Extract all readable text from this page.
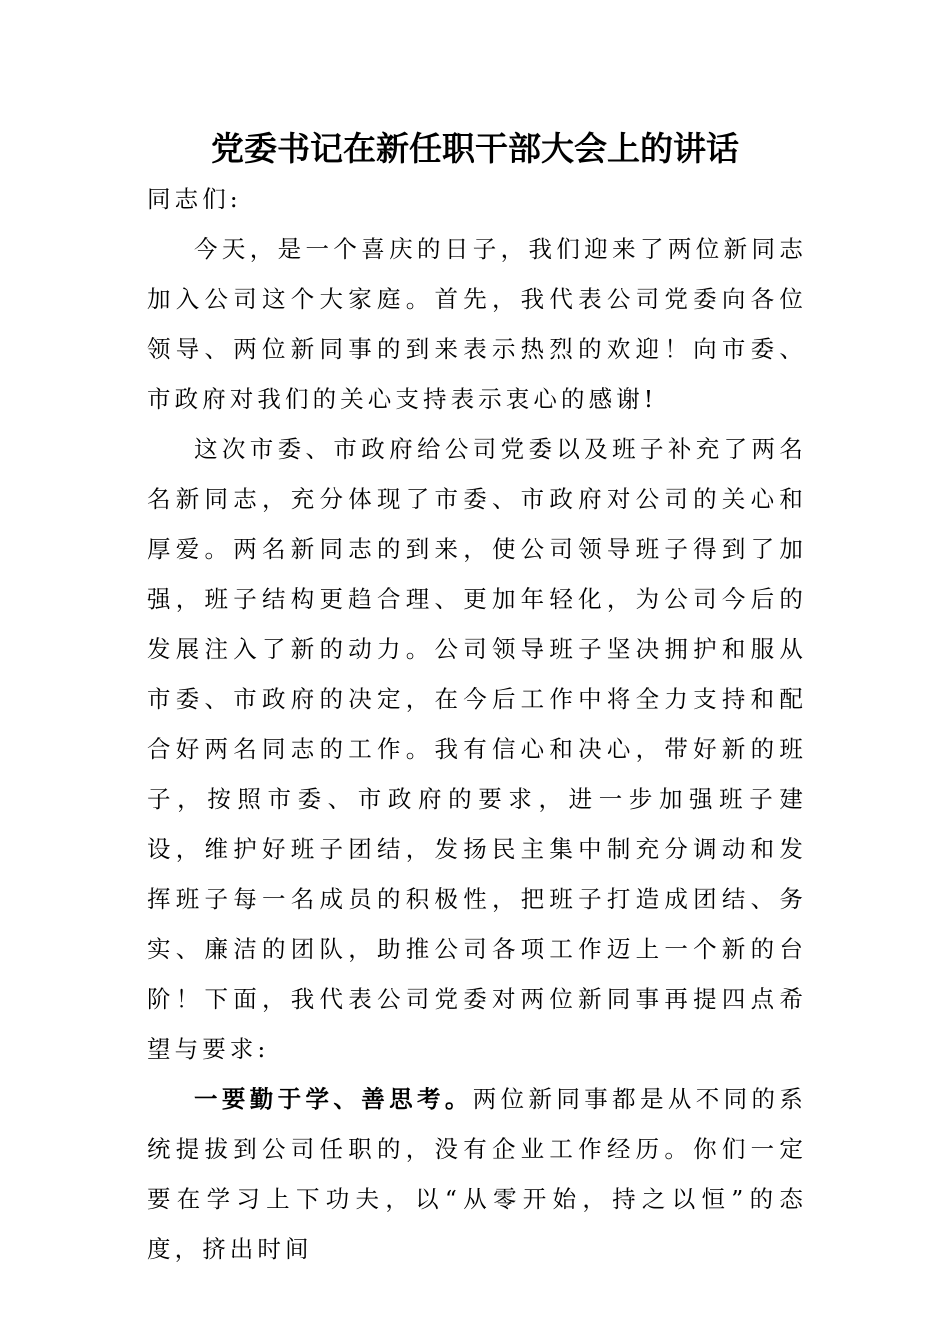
党委书记在新任职干部大会上的讲话

同志们:

今天，是一个喜庆的日子，我们迎来了两位新同志加入公司这个大家庭。首先，我代表公司党委向各位领导、两位新同事的到来表示热烈的欢迎！向市委、市政府对我们的关心支持表示衷心的感谢!

这次市委、市政府给公司党委以及班子补充了两名名新同志，充分体现了市委、市政府对公司的关心和厚爱。两名新同志的到来，使公司领导班子得到了加强，班子结构更趋合理、更加年轻化，为公司今后的发展注入了新的动力。公司领导班子坚决拥护和服从市委、市政府的决定，在今后工作中将全力支持和配合好两名同志的工作。我有信心和决心，带好新的班子，按照市委、市政府的要求，进一步加强班子建设，维护好班子团结，发扬民主集中制充分调动和发挥班子每一名成员的积极性，把班子打造成团结、务实、廉洁的团队，助推公司各项工作迈上一个新的台阶！下面，我代表公司党委对两位新同事再提四点希望与要求:

一要勤于学、善思考。两位新同事都是从不同的系统提拔到公司任职的，没有企业工作经历。你们一定要在学习上下功夫，以“从零开始，持之以恒”的态度，挤出时间
